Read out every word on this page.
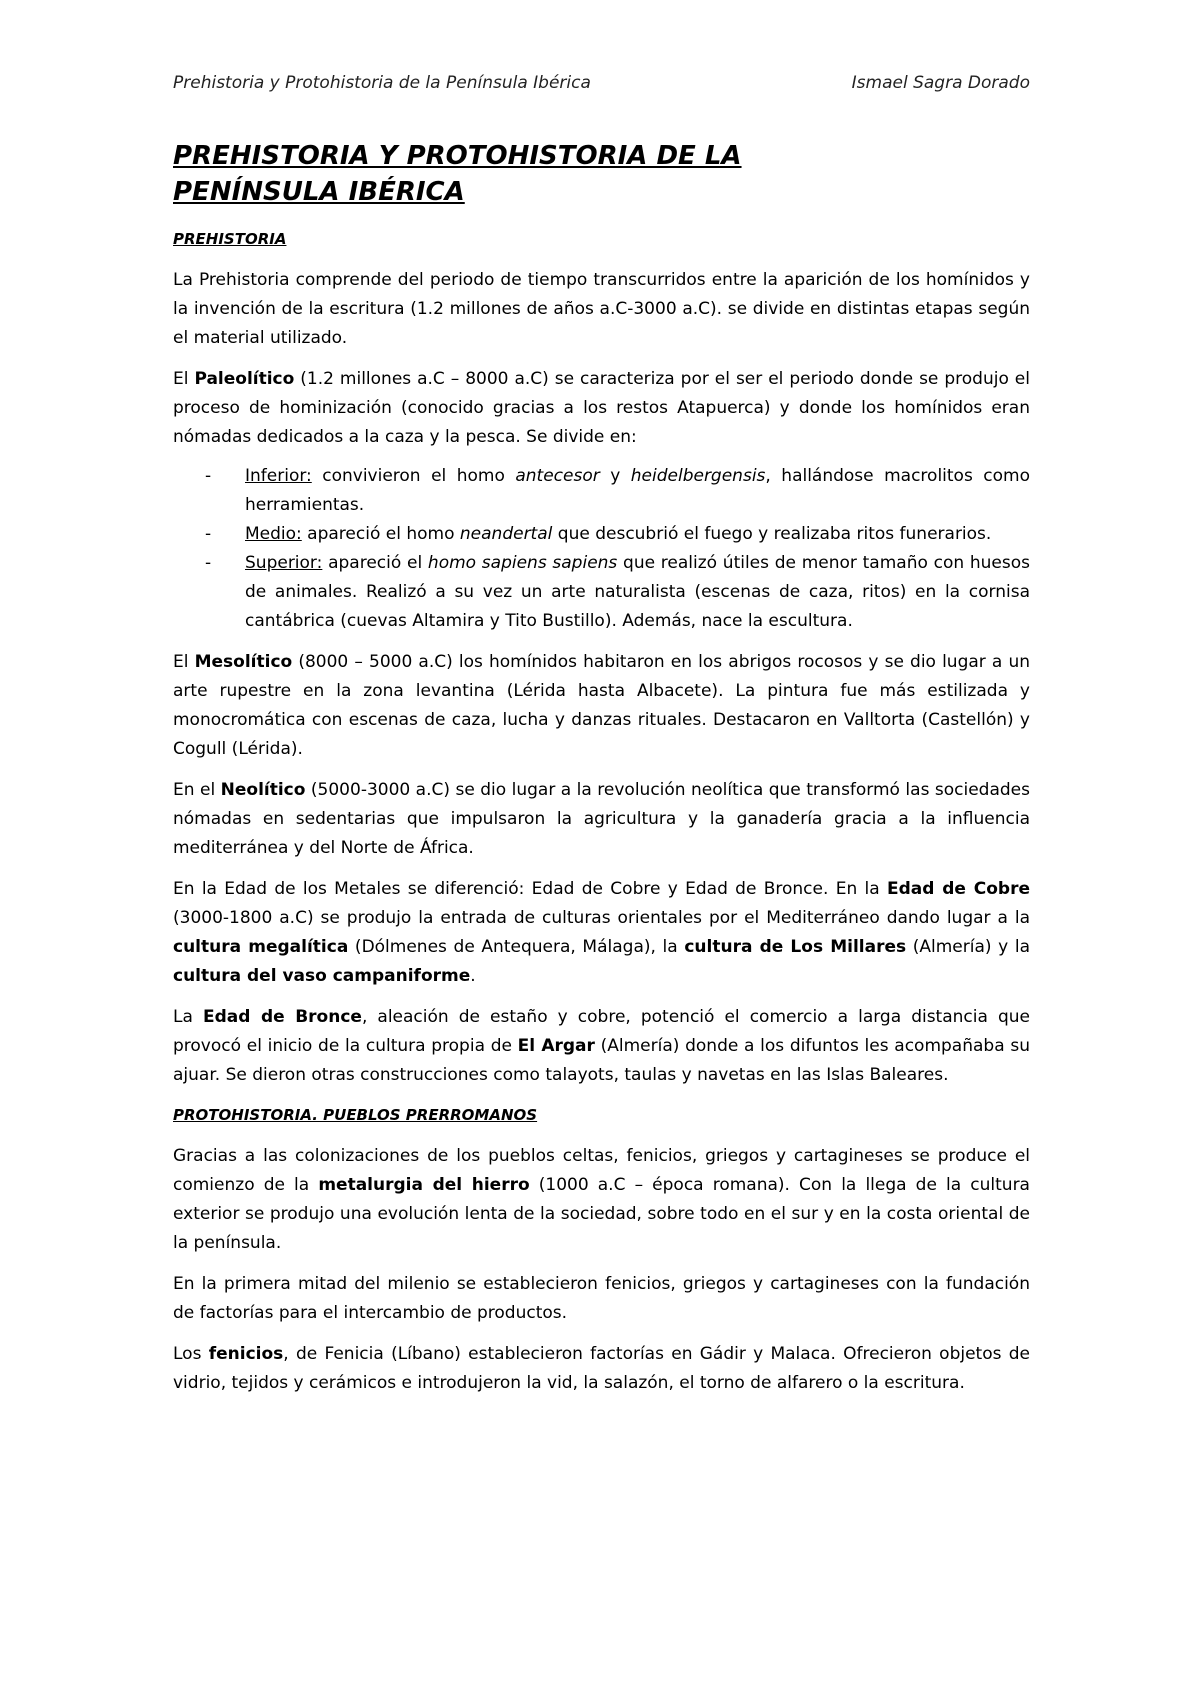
Prehistoria y Protohistoria de la Península Ibérica	Ismael Sagra Dorado
PREHISTORIA Y PROTOHISTORIA DE LA
PENÍNSULA IBÉRICA
PREHISTORIA

La Prehistoria comprende del periodo de tiempo transcurridos entre la aparición de los homínidos y la invención de la escritura (1.2 millones de años a.C-3000 a.C). se divide en distintas etapas según el material utilizado.

El Paleolítico (1.2 millones a.C – 8000 a.C) se caracteriza por el ser el periodo donde se produjo el proceso de hominización (conocido gracias a los restos Atapuerca) y donde los homínidos eran nómadas dedicados a la caza y la pesca. Se divide en:

- Inferior: convivieron el homo antecesor y heidelbergensis, hallándose macrolitos como herramientas.
- Medio: apareció el homo neandertal que descubrió el fuego y realizaba ritos funerarios.
- Superior: apareció el homo sapiens sapiens que realizó útiles de menor tamaño con huesos de animales. Realizó a su vez un arte naturalista (escenas de caza, ritos) en la cornisa cantábrica (cuevas Altamira y Tito Bustillo). Además, nace la escultura.

El Mesolítico (8000 – 5000 a.C) los homínidos habitaron en los abrigos rocosos y se dio lugar a un arte rupestre en la zona levantina (Lérida hasta Albacete). La pintura fue más estilizada y monocromática con escenas de caza, lucha y danzas rituales. Destacaron en Valltorta (Castellón) y Cogull (Lérida).

En el Neolítico (5000-3000 a.C) se dio lugar a la revolución neolítica que transformó las sociedades nómadas en sedentarias que impulsaron la agricultura y la ganadería gracia a la influencia mediterránea y del Norte de África.

En la Edad de los Metales se diferenció: Edad de Cobre y Edad de Bronce. En la Edad de Cobre (3000-1800 a.C) se produjo la entrada de culturas orientales por el Mediterráneo dando lugar a la cultura megalítica (Dólmenes de Antequera, Málaga), la cultura de Los Millares (Almería) y la cultura del vaso campaniforme.

La Edad de Bronce, aleación de estaño y cobre, potenció el comercio a larga distancia que provocó el inicio de la cultura propia de El Argar (Almería) donde a los difuntos les acompañaba su ajuar. Se dieron otras construcciones como talayots, taulas y navetas en las Islas Baleares.

PROTOHISTORIA. PUEBLOS PRERROMANOS

Gracias a las colonizaciones de los pueblos celtas, fenicios, griegos y cartagineses se produce el comienzo de la metalurgia del hierro (1000 a.C – época romana). Con la llega de la cultura exterior se produjo una evolución lenta de la sociedad, sobre todo en el sur y en la costa oriental de la península.

En la primera mitad del milenio se establecieron fenicios, griegos y cartagineses con la fundación de factorías para el intercambio de productos.

Los fenicios, de Fenicia (Líbano) establecieron factorías en Gádir y Malaca. Ofrecieron objetos de vidrio, tejidos y cerámicos e introdujeron la vid, la salazón, el torno de alfarero o la escritura.
